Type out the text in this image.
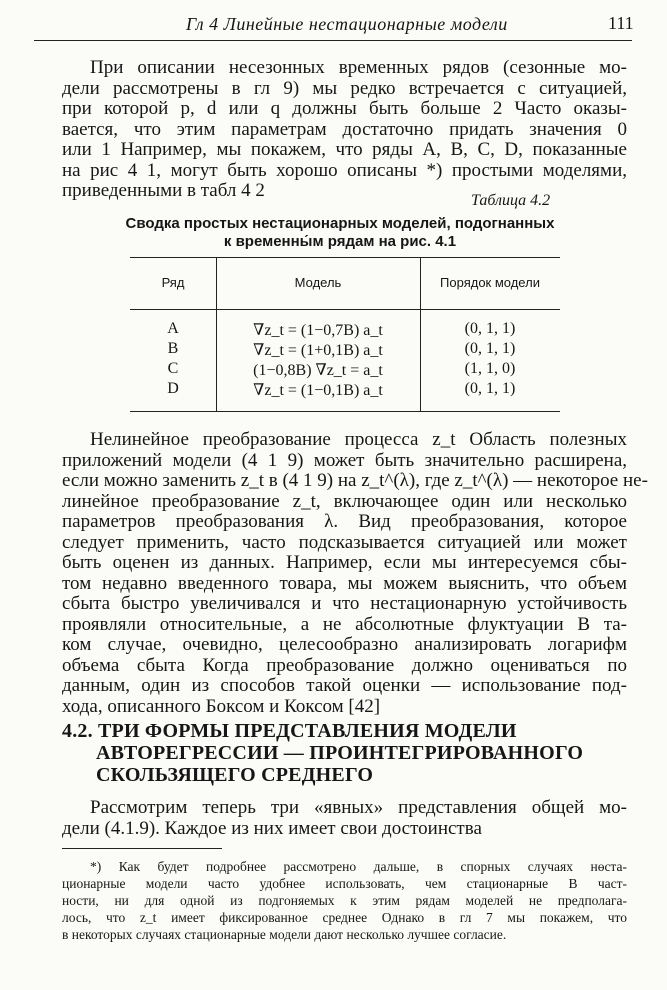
Гл 4 Линейные нестационарные модели	111
При описании несезонных временных рядов (сезонные мо-
дели рассмотрены в гл 9) мы редко встречается с ситуацией,
при которой p, d или q должны быть больше 2 Часто оказы-
вается, что этим параметрам достаточно придать значения 0
или 1 Например, мы покажем, что ряды A, B, C, D, показанные
на рис 4 1, могут быть хорошо описаны *) простыми моделями,
приведенными в табл 4 2	Таблица 4.2
Сводка простых нестационарных моделей, подогнанных
к временны́м рядам на рис. 4.1
Ряд	Модель	Порядок модели
A	∇z_t = (1−0,7B) a_t	(0, 1, 1)
B	∇z_t = (1+0,1B) a_t	(0, 1, 1)
C	(1−0,8B) ∇z_t = a_t	(1, 1, 0)
D	∇z_t = (1−0,1B) a_t	(0, 1, 1)
Нелинейное преобразование процесса z_t Область полезных
приложений модели (4 1 9) может быть значительно расширена,
если можно заменить z_t в (4 1 9) на z_t^(λ), где z_t^(λ) — некоторое не-
линейное преобразование z_t, включающее один или несколько
параметров преобразования λ. Вид преобразования, которое
следует применить, часто подсказывается ситуацией или может
быть оценен из данных. Например, если мы интересуемся сбы-
том недавно введенного товара, мы можем выяснить, что объем
сбыта быстро увеличивался и что нестационарную устойчивость
проявляли относительные, а не абсолютные флуктуации В та-
ком случае, очевидно, целесообразно анализировать логарифм
объема сбыта Когда преобразование должно оцениваться по
данным, один из способов такой оценки — использование под-
хода, описанного Боксом и Коксом [42]
4.2. ТРИ ФОРМЫ ПРЕДСТАВЛЕНИЯ МОДЕЛИ
АВТОРЕГРЕССИИ — ПРОИНТЕГРИРОВАННОГО
СКОЛЬЗЯЩЕГО СРЕДНЕГО
Рассмотрим теперь три «явных» представления общей мо-
дели (4.1.9). Каждое из них имеет свои достоинства
*) Как будет подробнее рассмотрено дальше, в спорных случаях нөста-
ционарные модели часто удобнее использовать, чем стационарные В част-
ности, ни для одной из подгоняемых к этим рядам моделей не предполага-
лось, что z_t имеет фиксированное среднее Однако в гл 7 мы покажем, что
в некоторых случаях стационарные модели дают несколько лучшее согласие.
